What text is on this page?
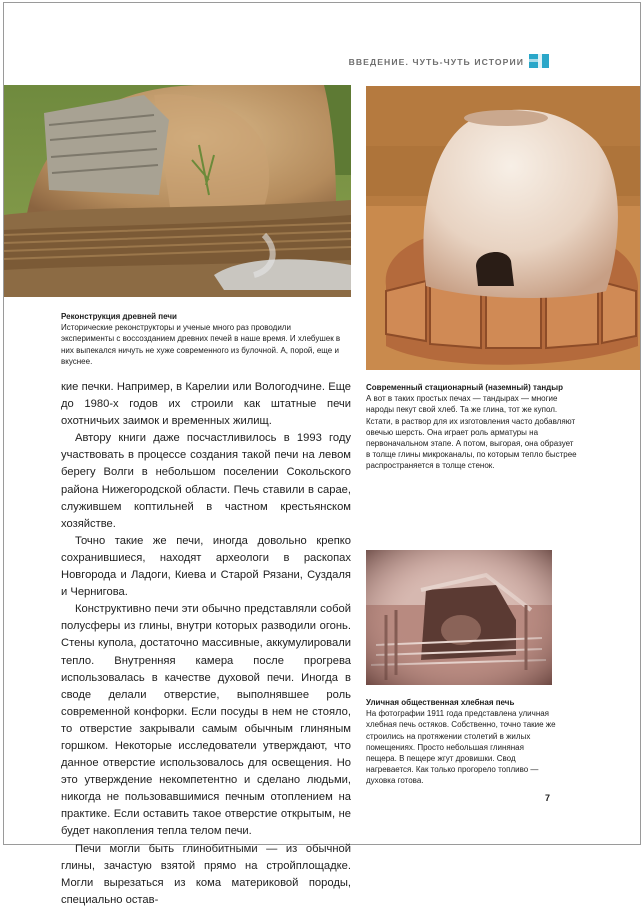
ВВЕДЕНИЕ. ЧУТЬ-ЧУТЬ ИСТОРИИ
Реконструкция древней печи
Исторические реконструкторы и ученые много раз проводили эксперименты с воссозданием древних печей в наше время. И хлебушек в них выпекался ничуть не хуже современного из булочной. А, порой, еще и вкуснее.
Современный стационарный (наземный) тандыр
А вот в таких простых печах — тандырах — многие народы пекут свой хлеб. Та же глина, тот же купол. Кстати, в раствор для их изготовления часто добавляют овечью шерсть. Она играет роль арматуры на первоначальном этапе. А потом, выгорая, она образует в толще глины микроканалы, по которым тепло быстрее распространяется в толще стенок.
Уличная общественная хлебная печь
На фотографии 1911 года представлена уличная хлебная печь остяков. Собственно, точно такие же строились на протяжении столетий в жилых помещениях. Просто небольшая глиняная пещера. В пещере жгут дровишки. Свод нагревается. Как только прогорело топливо — духовка готова.

кие печки. Например, в Карелии или Вологодчине. Еще до 1980-х годов их строили как штатные печи охотничьих заимок и временных жилищ.

Автору книги даже посчастливилось в 1993 году участвовать в процессе создания такой печи на левом берегу Волги в небольшом поселении Сокольского района Нижегородской области. Печь ставили в сарае, служившем коптильней в частном крестьянском хозяйстве.

Точно такие же печи, иногда довольно крепко сохранившиеся, находят археологи в раскопах Новгорода и Ладоги, Киева и Старой Рязани, Суздаля и Чернигова.

Конструктивно печи эти обычно представляли собой полусферы из глины, внутри которых разводили огонь. Стены купола, достаточно массивные, аккумулировали тепло. Внутренняя камера после прогрева использовалась в качестве духовой печи. Иногда в своде делали отверстие, выполнявшее роль современной конфорки. Если посуды в нем не стояло, то отверстие закрывали самым обычным глиняным горшком. Некоторые исследователи утверждают, что данное отверстие использовалось для освещения. Но это утверждение некомпетентно и сделано людьми, никогда не пользовавшимися печным отоплением на практике. Если оставить такое отверстие открытым, не будет накопления тепла телом печи.

Печи могли быть глинобитными — из обычной глины, зачастую взятой прямо на стройплощадке. Могли вырезаться из кома материковой породы, специально остав-

7
